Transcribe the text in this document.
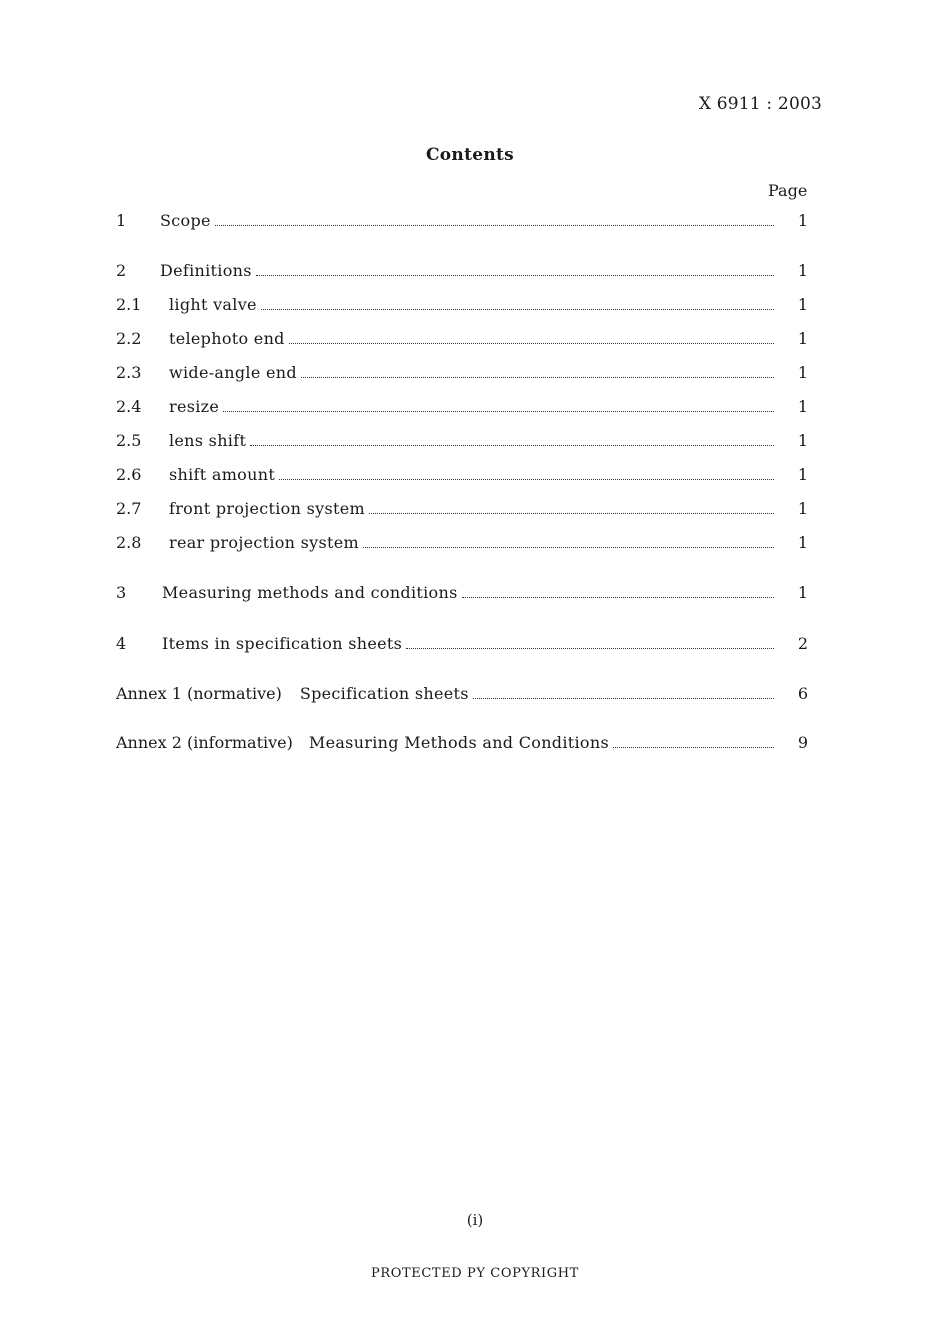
X 6911 : 2003
Contents
Page
1	Scope	1
2	Definitions	1
2.1	light valve	1
2.2	telephoto end	1
2.3	wide-angle end	1
2.4	resize	1
2.5	lens shift	1
2.6	shift amount	1
2.7	front projection system	1
2.8	rear projection system	1
3	Measuring methods and conditions	1
4	Items in specification sheets	2
Annex 1 (normative)	Specification sheets	6
Annex 2 (informative)	Measuring Methods and Conditions	9
(i)
PROTECTED PY COPYRIGHT
